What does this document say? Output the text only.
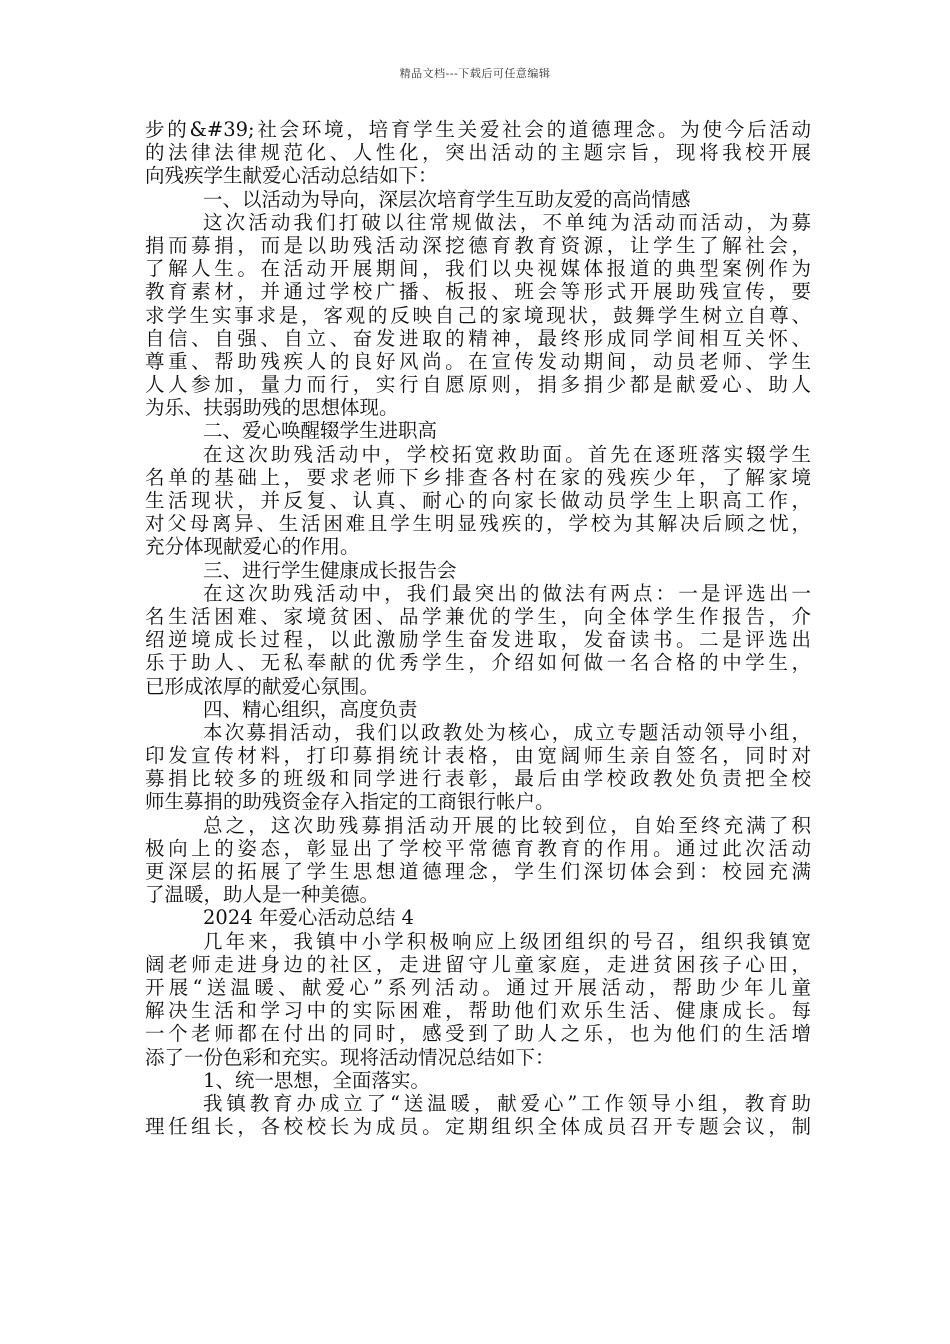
精品文档---下载后可任意编辑
步的&#39;社会环境，培育学生关爱社会的道德理念。为使今后活动
的法律法律规范化、人性化，突出活动的主题宗旨，现将我校开展
向残疾学生献爱心活动总结如下：
一、以活动为导向，深层次培育学生互助友爱的高尚情感
这次活动我们打破以往常规做法，不单纯为活动而活动，为募
捐而募捐，而是以助残活动深挖德育教育资源，让学生了解社会，
了解人生。在活动开展期间，我们以央视媒体报道的典型案例作为
教育素材，并通过学校广播、板报、班会等形式开展助残宣传，要
求学生实事求是，客观的反映自己的家境现状，鼓舞学生树立自尊、
自信、自强、自立、奋发进取的精神，最终形成同学间相互关怀、
尊重、帮助残疾人的良好风尚。在宣传发动期间，动员老师、学生
人人参加，量力而行，实行自愿原则，捐多捐少都是献爱心、助人
为乐、扶弱助残的思想体现。
二、爱心唤醒辍学生进职高
在这次助残活动中，学校拓宽救助面。首先在逐班落实辍学生
名单的基础上，要求老师下乡排查各村在家的残疾少年，了解家境
生活现状，并反复、认真、耐心的向家长做动员学生上职高工作，
对父母离异、生活困难且学生明显残疾的，学校为其解决后顾之忧，
充分体现献爱心的作用。
三、进行学生健康成长报告会
在这次助残活动中，我们最突出的做法有两点：一是评选出一
名生活困难、家境贫困、品学兼优的学生，向全体学生作报告，介
绍逆境成长过程，以此激励学生奋发进取，发奋读书。二是评选出
乐于助人、无私奉献的优秀学生，介绍如何做一名合格的中学生，
已形成浓厚的献爱心氛围。
四、精心组织，高度负责
本次募捐活动，我们以政教处为核心，成立专题活动领导小组，
印发宣传材料，打印募捐统计表格，由宽阔师生亲自签名，同时对
募捐比较多的班级和同学进行表彰，最后由学校政教处负责把全校
师生募捐的助残资金存入指定的工商银行帐户。
总之，这次助残募捐活动开展的比较到位，自始至终充满了积
极向上的姿态，彰显出了学校平常德育教育的作用。通过此次活动
更深层的拓展了学生思想道德理念，学生们深切体会到：校园充满
了温暖，助人是一种美德。
2024 年爱心活动总结 4
几年来，我镇中小学积极响应上级团组织的号召，组织我镇宽
阔老师走进身边的社区，走进留守儿童家庭，走进贫困孩子心田，
开展“送温暖、献爱心”系列活动。通过开展活动，帮助少年儿童
解决生活和学习中的实际困难，帮助他们欢乐生活、健康成长。每
一个老师都在付出的同时，感受到了助人之乐，也为他们的生活增
添了一份色彩和充实。现将活动情况总结如下：
1、统一思想，全面落实。
我镇教育办成立了“送温暖，献爱心”工作领导小组，教育助
理任组长，各校校长为成员。定期组织全体成员召开专题会议，制
